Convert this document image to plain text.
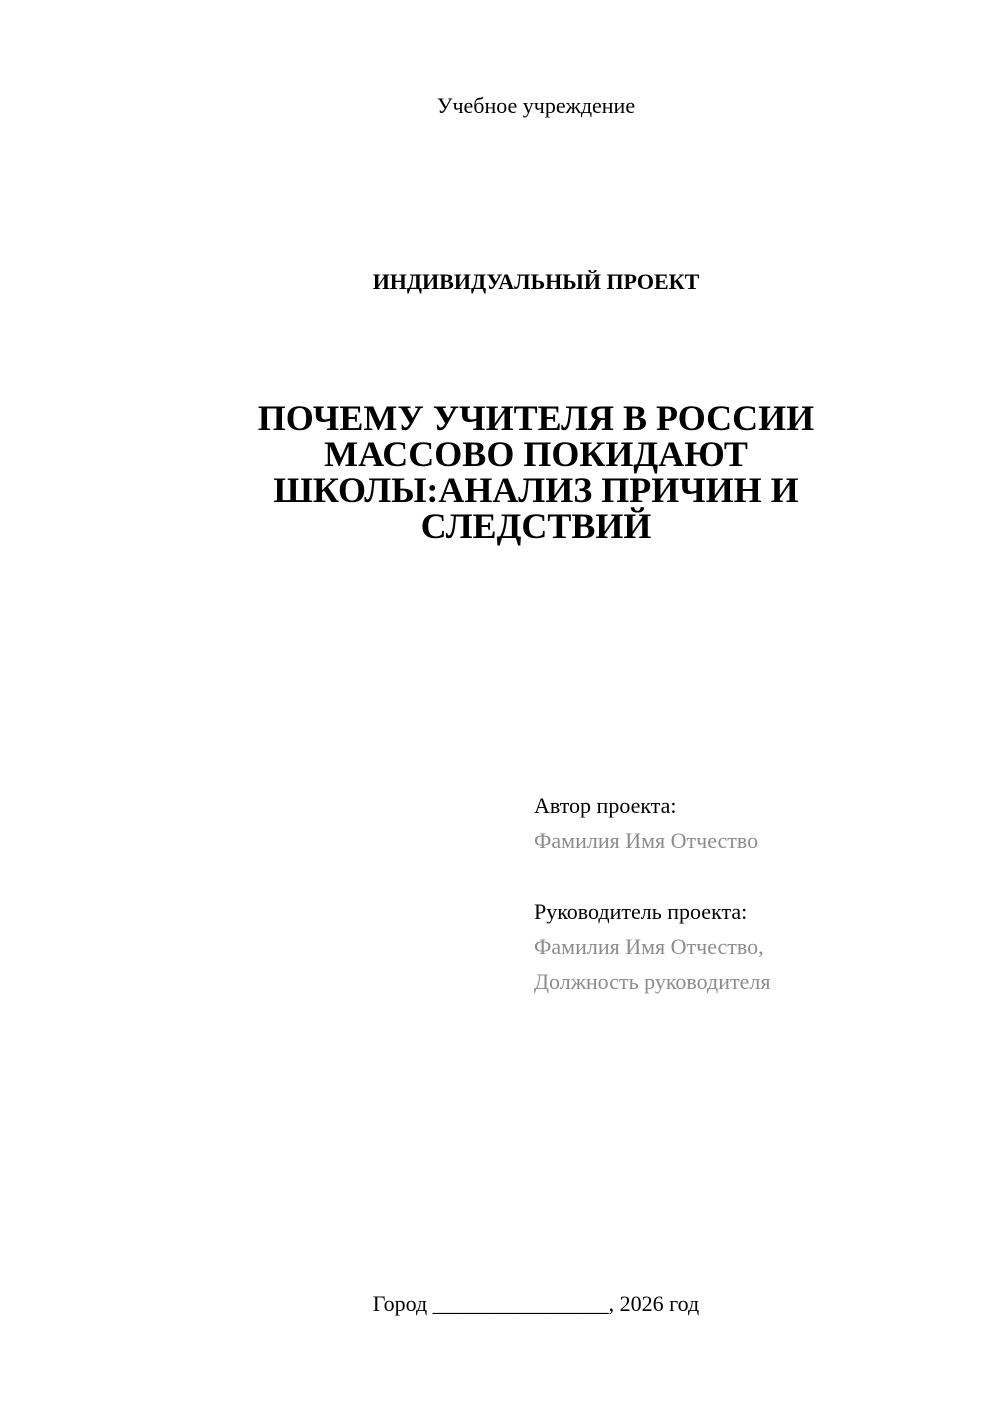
Учебное учреждение
ИНДИВИДУАЛЬНЫЙ ПРОЕКТ
ПОЧЕМУ УЧИТЕЛЯ В РОССИИ
МАССОВО ПОКИДАЮТ
ШКОЛЫ:АНАЛИЗ ПРИЧИН И
СЛЕДСТВИЙ
Автор проекта:
Фамилия Имя Отчество
Руководитель проекта:
Фамилия Имя Отчество,
Должность руководителя
Город ________________, 2026 год
